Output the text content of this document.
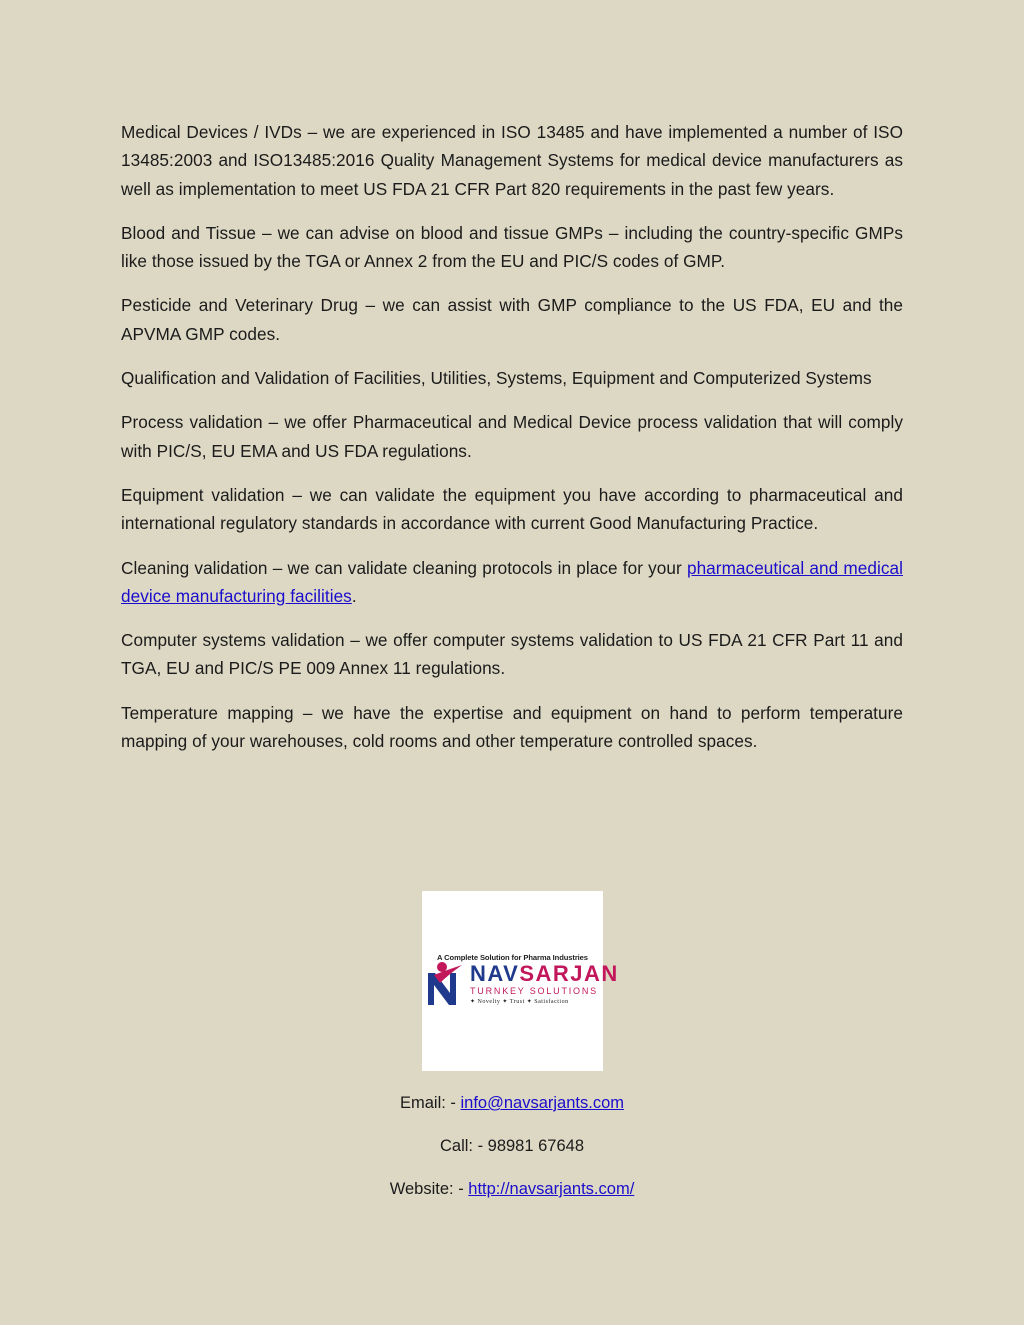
Medical Devices / IVDs – we are experienced in ISO 13485 and have implemented a number of ISO 13485:2003 and ISO13485:2016 Quality Management Systems for medical device manufacturers as well as implementation to meet US FDA 21 CFR Part 820 requirements in the past few years.

Blood and Tissue – we can advise on blood and tissue GMPs – including the country-specific GMPs like those issued by the TGA or Annex 2 from the EU and PIC/S codes of GMP.

Pesticide and Veterinary Drug – we can assist with GMP compliance to the US FDA, EU and the APVMA GMP codes.

Qualification and Validation of Facilities, Utilities, Systems, Equipment and Computerized Systems

Process validation – we offer Pharmaceutical and Medical Device process validation that will comply with PIC/S, EU EMA and US FDA regulations.

Equipment validation – we can validate the equipment you have according to pharmaceutical and international regulatory standards in accordance with current Good Manufacturing Practice.

Cleaning validation – we can validate cleaning protocols in place for your pharmaceutical and medical device manufacturing facilities.

Computer systems validation – we offer computer systems validation to US FDA 21 CFR Part 11 and TGA, EU and PIC/S PE 009 Annex 11 regulations.

Temperature mapping – we have the expertise and equipment on hand to perform temperature mapping of your warehouses, cold rooms and other temperature controlled spaces.

A Complete Solution for Pharma Industries
NAVSARJAN
TURNKEY SOLUTIONS
✦ Novelty ✦ Trust ✦ Satisfaction
Email: - info@navsarjants.com
Call: - 98981 67648
Website: - http://navsarjants.com/
